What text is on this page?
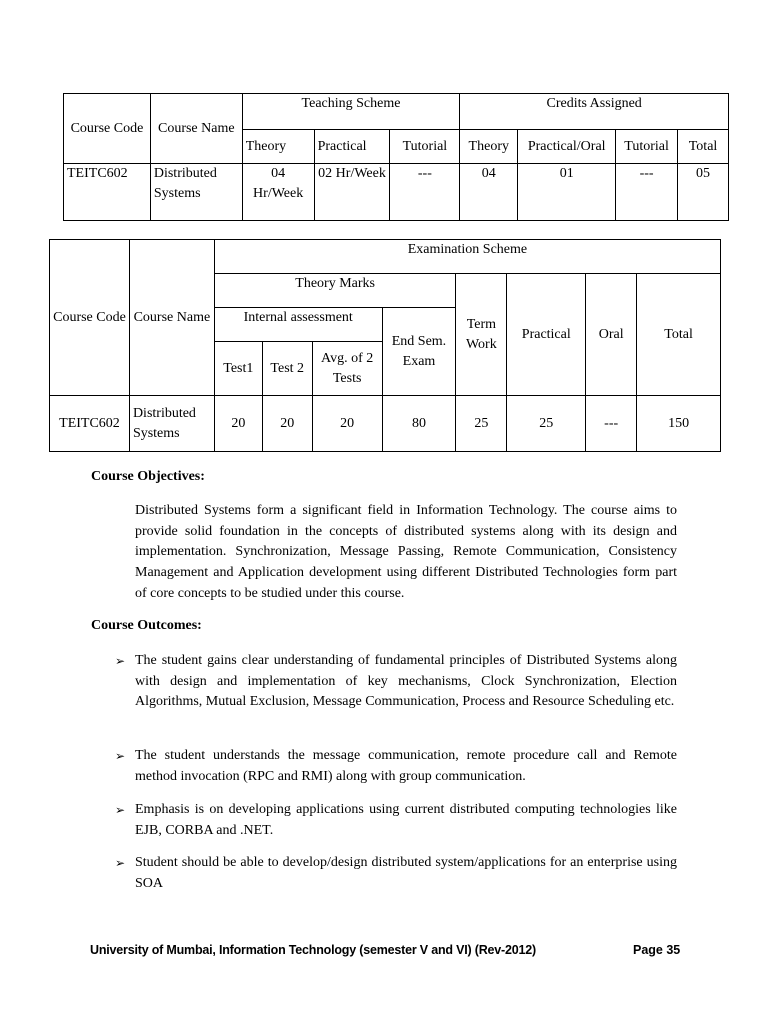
Course Code	Course Name	Teaching Scheme			Credits Assigned			
		Theory	Practical	Tutorial	Theory	Practical/Oral	Tutorial	Total
TEITC602	Distributed Systems	04 Hr/Week	02 Hr/Week	---	04	01	---	05
Course Code	Course Name	Examination Scheme							
		Theory Marks				Term Work	Practical	Oral	Total
		Internal assessment			End Sem. Exam				
		Test1	Test 2	Avg. of 2 Tests					
TEITC602	Distributed Systems	20	20	20	80	25	25	---	150
Course Objectives:
Distributed Systems form a significant field in Information Technology. The course aims to provide solid foundation in the concepts of distributed systems along with its design and implementation. Synchronization, Message Passing, Remote Communication, Consistency Management and Application development using different Distributed Technologies form part of core concepts to be studied under this course.
Course Outcomes:
➢ The student gains clear understanding of fundamental principles of Distributed Systems along with design and implementation of key mechanisms, Clock Synchronization, Election Algorithms, Mutual Exclusion, Message Communication, Process and Resource Scheduling etc.
➢ The student understands the message communication, remote procedure call and Remote method invocation (RPC and RMI) along with group communication.
➢ Emphasis is on developing applications using current distributed computing technologies like EJB, CORBA and .NET.
➢ Student should be able to develop/design distributed system/applications for an enterprise using SOA
University of Mumbai, Information Technology (semester V and VI) (Rev-2012)	Page 35
